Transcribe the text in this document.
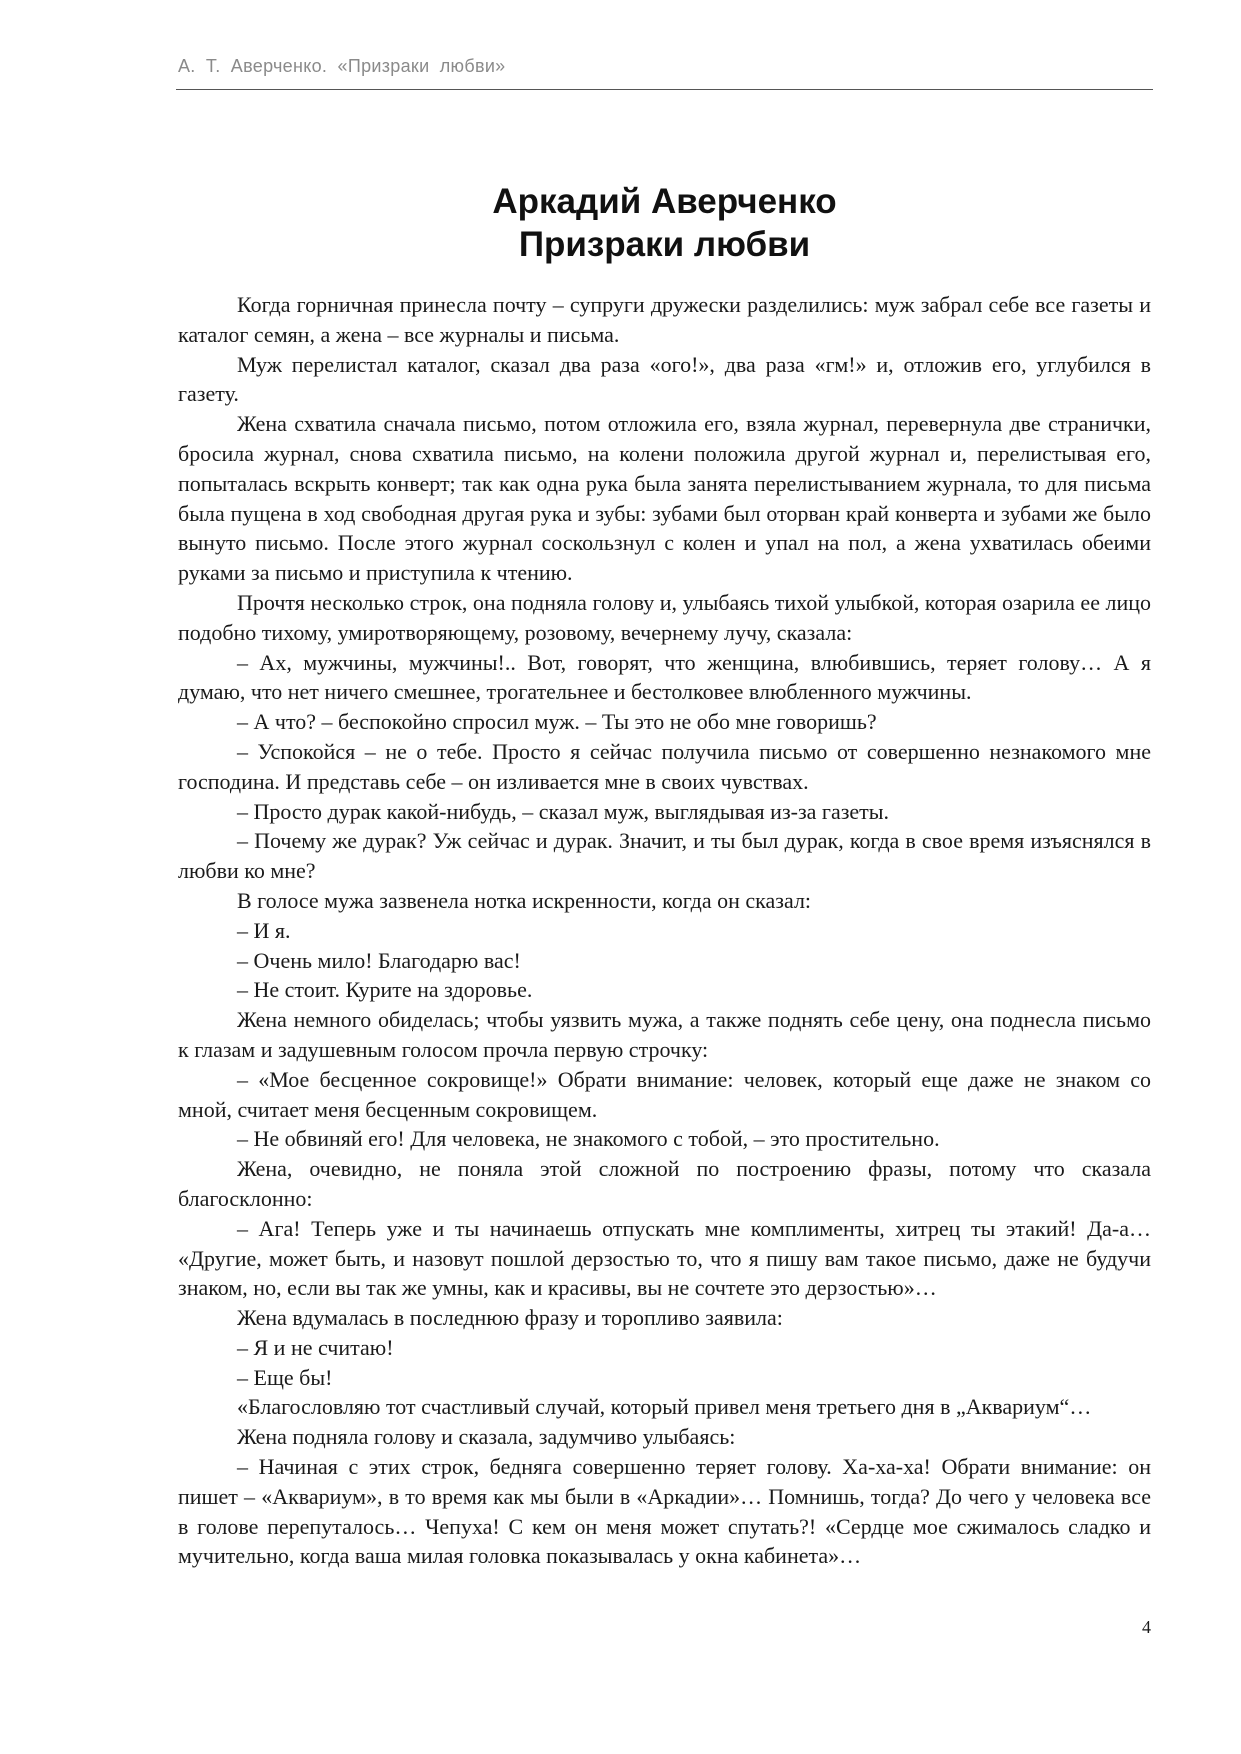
А. Т. Аверченко. «Призраки любви»
Аркадий Аверченко
Призраки любви

Когда горничная принесла почту – супруги дружески разделились: муж забрал себе все газеты и каталог семян, а жена – все журналы и письма.

Муж перелистал каталог, сказал два раза «ого!», два раза «гм!» и, отложив его, углубился в газету.

Жена схватила сначала письмо, потом отложила его, взяла журнал, перевернула две странички, бросила журнал, снова схватила письмо, на колени положила другой журнал и, перелистывая его, попыталась вскрыть конверт; так как одна рука была занята перелистыванием журнала, то для письма была пущена в ход свободная другая рука и зубы: зубами был оторван край конверта и зубами же было вынуто письмо. После этого журнал соскользнул с колен и упал на пол, а жена ухватилась обеими руками за письмо и приступила к чтению.

Прочтя несколько строк, она подняла голову и, улыбаясь тихой улыбкой, которая озарила ее лицо подобно тихому, умиротворяющему, розовому, вечернему лучу, сказала:

– Ах, мужчины, мужчины!.. Вот, говорят, что женщина, влюбившись, теряет голову… А я думаю, что нет ничего смешнее, трогательнее и бестолковее влюбленного мужчины.

– А что? – беспокойно спросил муж. – Ты это не обо мне говоришь?

– Успокойся – не о тебе. Просто я сейчас получила письмо от совершенно незнакомого мне господина. И представь себе – он изливается мне в своих чувствах.

– Просто дурак какой-нибудь, – сказал муж, выглядывая из-за газеты.

– Почему же дурак? Уж сейчас и дурак. Значит, и ты был дурак, когда в свое время изъяснялся в любви ко мне?

В голосе мужа зазвенела нотка искренности, когда он сказал:

– И я.

– Очень мило! Благодарю вас!

– Не стоит. Курите на здоровье.

Жена немного обиделась; чтобы уязвить мужа, а также поднять себе цену, она поднесла письмо к глазам и задушевным голосом прочла первую строчку:

– «Мое бесценное сокровище!» Обрати внимание: человек, который еще даже не знаком со мной, считает меня бесценным сокровищем.

– Не обвиняй его! Для человека, не знакомого с тобой, – это простительно.

Жена, очевидно, не поняла этой сложной по построению фразы, потому что сказала благосклонно:

– Ага! Теперь уже и ты начинаешь отпускать мне комплименты, хитрец ты этакий! Да-а… «Другие, может быть, и назовут пошлой дерзостью то, что я пишу вам такое письмо, даже не будучи знаком, но, если вы так же умны, как и красивы, вы не сочтете это дерзостью»…

Жена вдумалась в последнюю фразу и торопливо заявила:

– Я и не считаю!

– Еще бы!

«Благословляю тот счастливый случай, который привел меня третьего дня в „Аквариум“…

Жена подняла голову и сказала, задумчиво улыбаясь:

– Начиная с этих строк, бедняга совершенно теряет голову. Ха-ха-ха! Обрати внимание: он пишет – «Аквариум», в то время как мы были в «Аркадии»… Помнишь, тогда? До чего у человека все в голове перепуталось… Чепуха! С кем он меня может спутать?! «Сердце мое сжималось сладко и мучительно, когда ваша милая головка показывалась у окна кабинета»…

4
